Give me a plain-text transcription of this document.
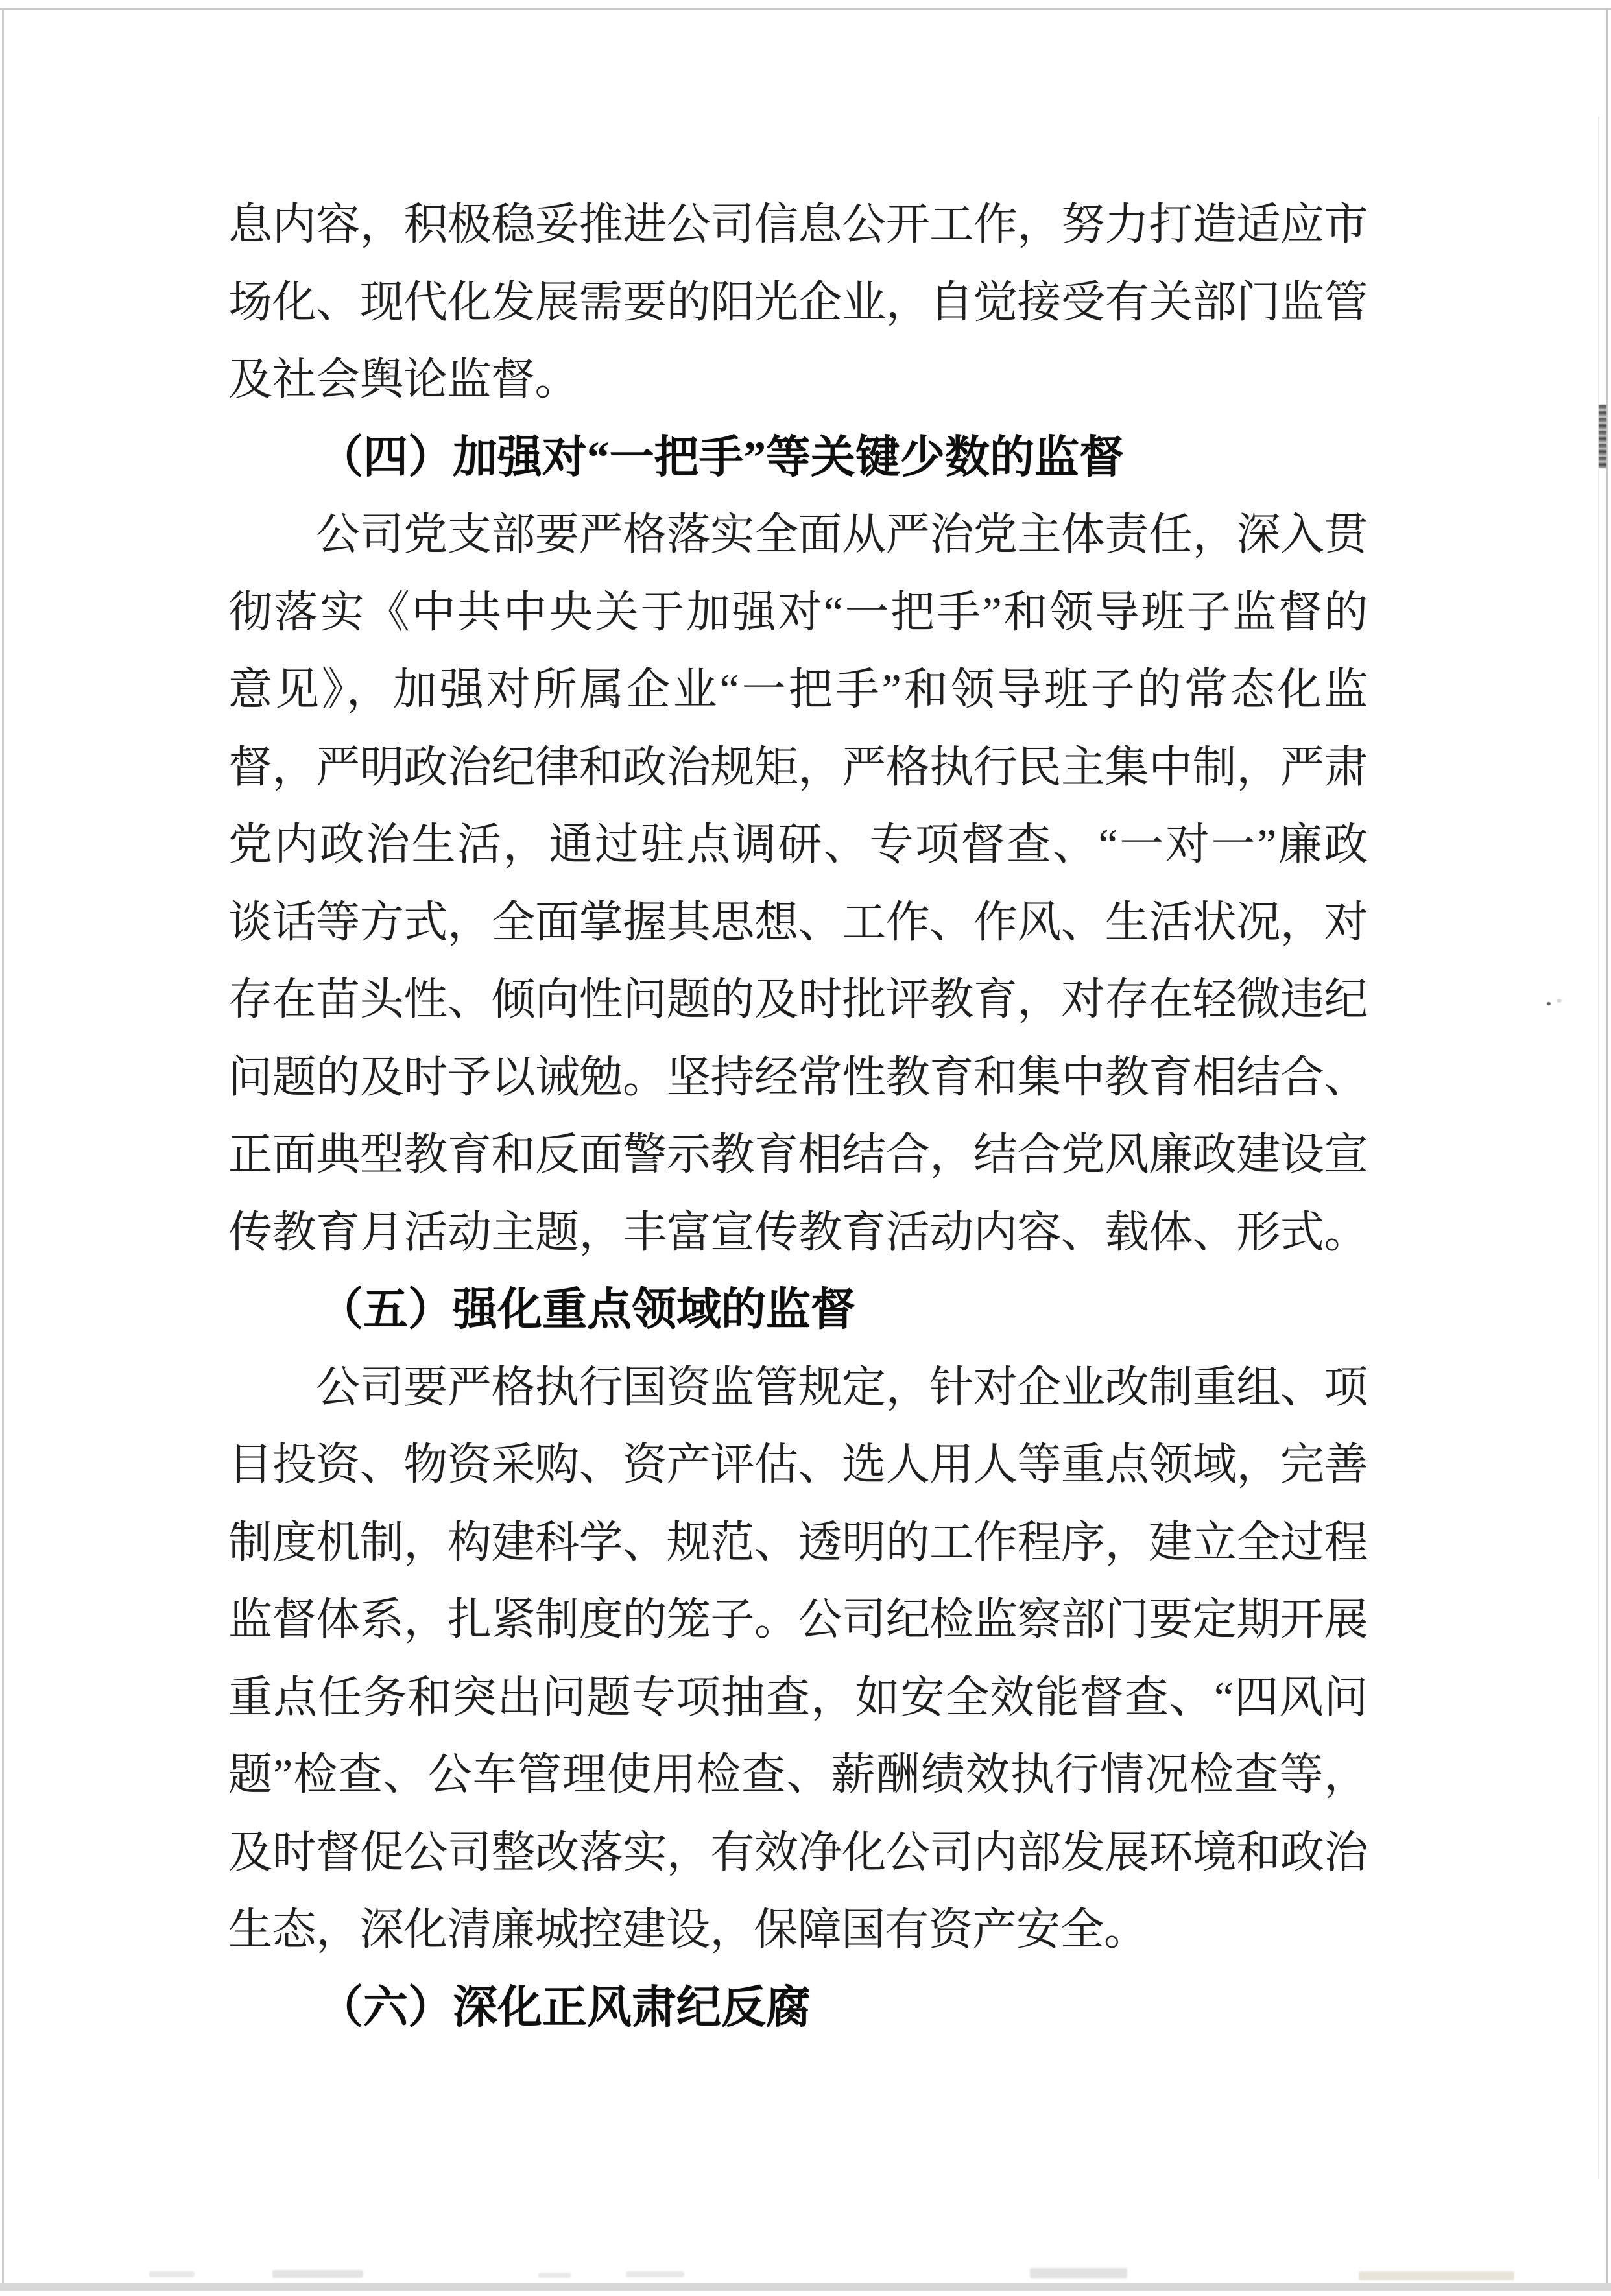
息内容，积极稳妥推进公司信息公开工作，努力打造适应市
场化、现代化发展需要的阳光企业，自觉接受有关部门监管
及社会舆论监督。
（四）加强对“一把手”等关键少数的监督
公司党支部要严格落实全面从严治党主体责任，深入贯
彻落实《中共中央关于加强对“一把手”和领导班子监督的
意见》，加强对所属企业“一把手”和领导班子的常态化监
督，严明政治纪律和政治规矩，严格执行民主集中制，严肃
党内政治生活，通过驻点调研、专项督查、“一对一”廉政
谈话等方式，全面掌握其思想、工作、作风、生活状况，对
存在苗头性、倾向性问题的及时批评教育，对存在轻微违纪
问题的及时予以诫勉。坚持经常性教育和集中教育相结合、
正面典型教育和反面警示教育相结合，结合党风廉政建设宣
传教育月活动主题，丰富宣传教育活动内容、载体、形式。
（五）强化重点领域的监督
公司要严格执行国资监管规定，针对企业改制重组、项
目投资、物资采购、资产评估、选人用人等重点领域，完善
制度机制，构建科学、规范、透明的工作程序，建立全过程
监督体系，扎紧制度的笼子。公司纪检监察部门要定期开展
重点任务和突出问题专项抽查，如安全效能督查、“四风问
题”检查、公车管理使用检查、薪酬绩效执行情况检查等，
及时督促公司整改落实，有效净化公司内部发展环境和政治
生态，深化清廉城控建设，保障国有资产安全。
（六）深化正风肃纪反腐
